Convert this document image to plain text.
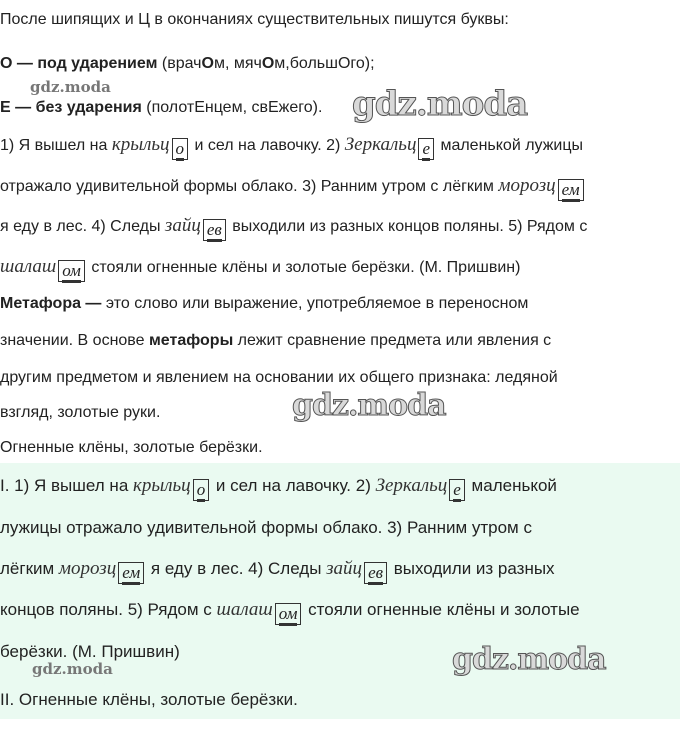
После шипящих и Ц в окончаниях существительных пишутся буквы:
О — под ударением (врачОм, мячОм,большОго);
gdz.moda
Е — без ударения (полотЕнцем, свЕжего). gdz.moda
1) Я вышел на крыльц о и сел на лавочку. 2) Зеркальц е маленькой лужицы
отражало удивительной формы облако. 3) Ранним утром с лёгким морозц ем
я еду в лес. 4) Следы зайц ев выходили из разных концов поляны. 5) Рядом с
шалаш ом стояли огненные клёны и золотые берёзки. (М. Пришвин)
Метафора — это слово или выражение, употребляемое в переносном
значении. В основе метафоры лежит сравнение предмета или явления с
другим предметом и явлением на основании их общего признака: ледяной
взгляд, золотые руки.	gdz.moda
Огненные клёны, золотые берёзки.
I. 1) Я вышел на крыльц о и сел на лавочку. 2) Зеркальц е маленькой
лужицы отражало удивительной формы облако. 3) Ранним утром с
лёгким морозц ем я еду в лес. 4) Следы зайц ев выходили из разных
концов поляны. 5) Рядом с шалаш ом стояли огненные клёны и золотые
берёзки. (М. Пришвин)
gdz.moda	gdz.moda
II. Огненные клёны, золотые берёзки.
